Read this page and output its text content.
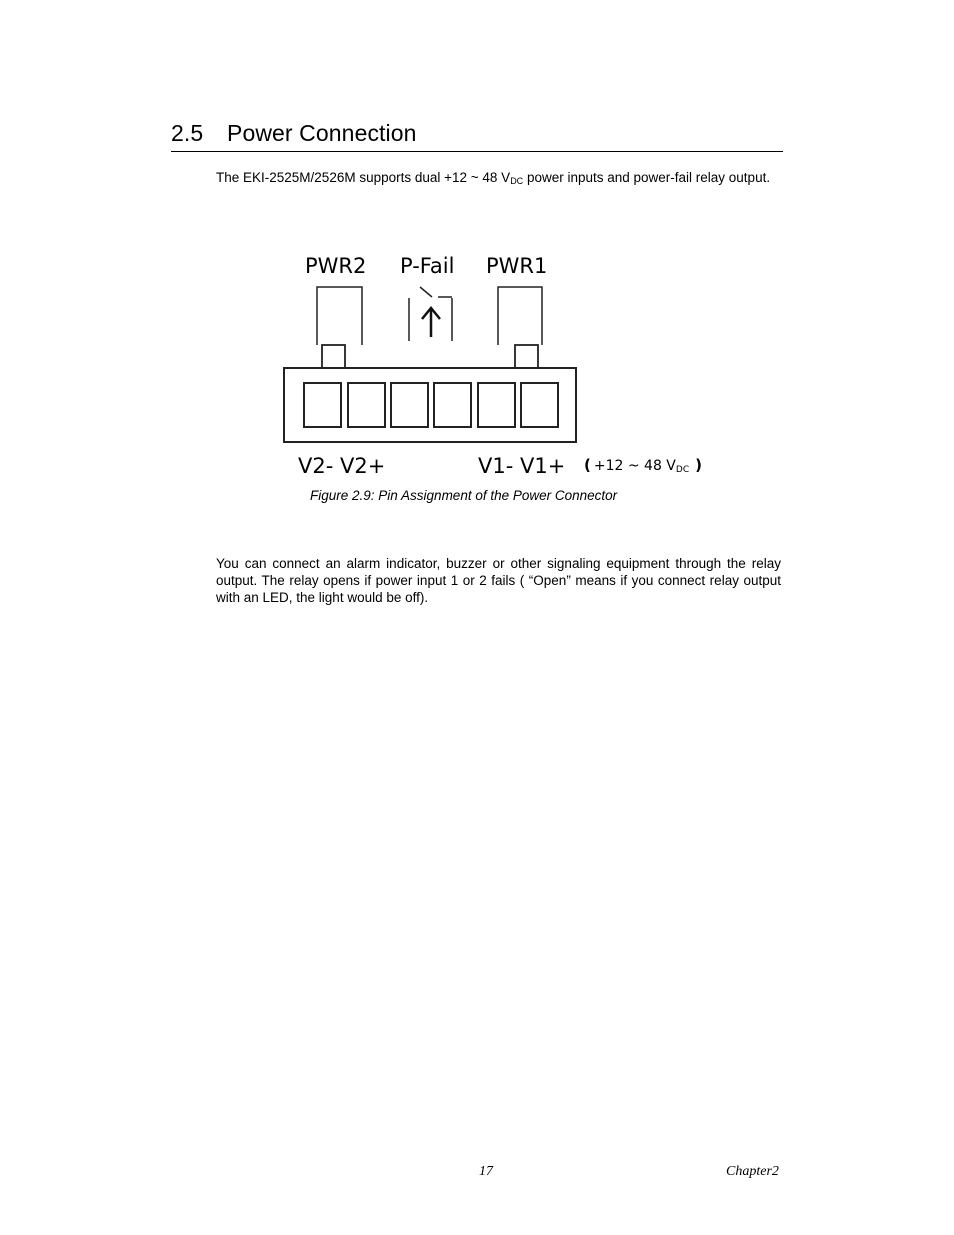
2.5 Power Connection

The EKI-2525M/2526M supports dual +12 ~ 48 $V_{DC}$ power inputs and power-fail relay output.

PWR2 P-Fail PWR1
V2- V2+	V1- V1+ ( +12 ~ 48 VDC )

Figure 2.9: Pin Assignment of the Power Connector

You can connect an alarm indicator, buzzer or other signaling equipment through the relay output. The relay opens if power input 1 or 2 fails ( “Open” means if you connect relay output with an LED, the light would be off).

17	Chapter2
